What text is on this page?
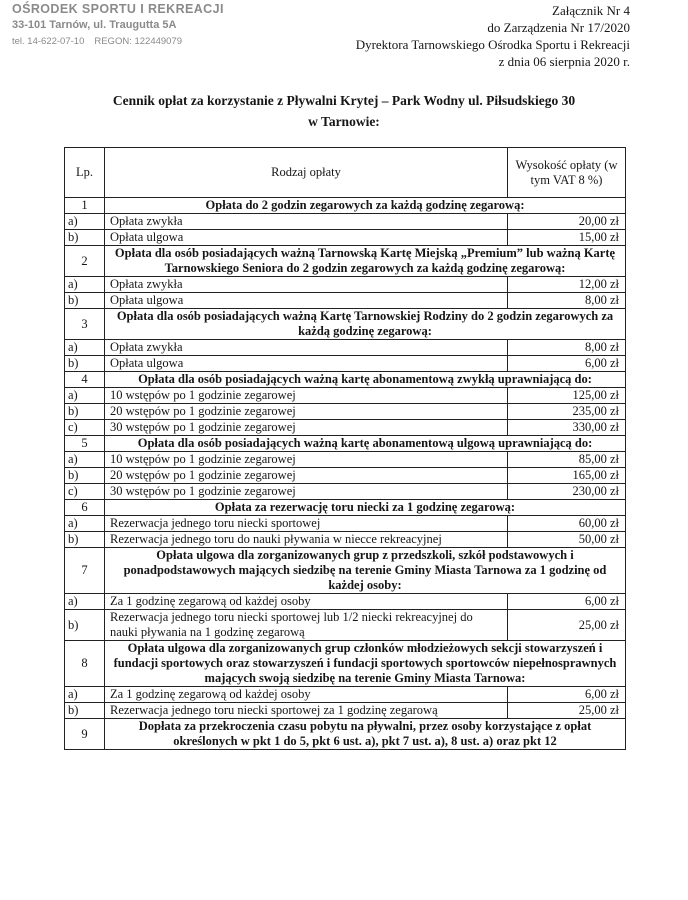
OŚRODEK SPORTU I REKREACJI
33-101 Tarnów, ul. Traugutta 5A
tel. 14-622-07-10 REGON: 122449079
Załącznik Nr 4
do Zarządzenia Nr 17/2020
Dyrektora Tarnowskiego Ośrodka Sportu i Rekreacji
z dnia 06 sierpnia 2020 r.
Cennik opłat za korzystanie z Pływalni Krytej – Park Wodny ul. Piłsudskiego 30
w Tarnowie:
Lp.	Rodzaj opłaty	Wysokość opłaty (w tym VAT 8 %)
1	Opłata do 2 godzin zegarowych za każdą godzinę zegarową:	
a)	Opłata zwykła	20,00 zł
b)	Opłata ulgowa	15,00 zł
2	Opłata dla osób posiadających ważną Tarnowską Kartę Miejską „Premium” lub ważną Kartę Tarnowskiego Seniora do 2 godzin zegarowych za każdą godzinę zegarową:	
a)	Opłata zwykła	12,00 zł
b)	Opłata ulgowa	8,00 zł
3	Opłata dla osób posiadających ważną Kartę Tarnowskiej Rodziny do 2 godzin zegarowych za każdą godzinę zegarową:	
a)	Opłata zwykła	8,00 zł
b)	Opłata ulgowa	6,00 zł
4	Opłata dla osób posiadających ważną kartę abonamentową zwykłą uprawniającą do:	
a)	10 wstępów po 1 godzinie zegarowej	125,00 zł
b)	20 wstępów po 1 godzinie zegarowej	235,00 zł
c)	30 wstępów po 1 godzinie zegarowej	330,00 zł
5	Opłata dla osób posiadających ważną kartę abonamentową ulgową uprawniającą do:	
a)	10 wstępów po 1 godzinie zegarowej	85,00 zł
b)	20 wstępów po 1 godzinie zegarowej	165,00 zł
c)	30 wstępów po 1 godzinie zegarowej	230,00 zł
6	Opłata za rezerwację toru niecki za 1 godzinę zegarową:	
a)	Rezerwacja jednego toru niecki sportowej	60,00 zł
b)	Rezerwacja jednego toru do nauki pływania w niecce rekreacyjnej	50,00 zł
7	Opłata ulgowa dla zorganizowanych grup z przedszkoli, szkół podstawowych i ponadpodstawowych mających siedzibę na terenie Gminy Miasta Tarnowa za 1 godzinę od każdej osoby:	
a)	Za 1 godzinę zegarową od każdej osoby	6,00 zł
b)	Rezerwacja jednego toru niecki sportowej lub 1/2 niecki rekreacyjnej do nauki pływania na 1 godzinę zegarową	25,00 zł
8	Opłata ulgowa dla zorganizowanych grup członków młodzieżowych sekcji stowarzyszeń i fundacji sportowych oraz stowarzyszeń i fundacji sportowych sportowców niepełnosprawnych mających swoją siedzibę na terenie Gminy Miasta Tarnowa:	
a)	Za 1 godzinę zegarową od każdej osoby	6,00 zł
b)	Rezerwacja jednego toru niecki sportowej za 1 godzinę zegarową	25,00 zł
9	Dopłata za przekroczenia czasu pobytu na pływalni, przez osoby korzystające z opłat określonych w pkt 1 do 5, pkt 6 ust. a), pkt 7 ust. a), 8 ust. a) oraz pkt 12	
